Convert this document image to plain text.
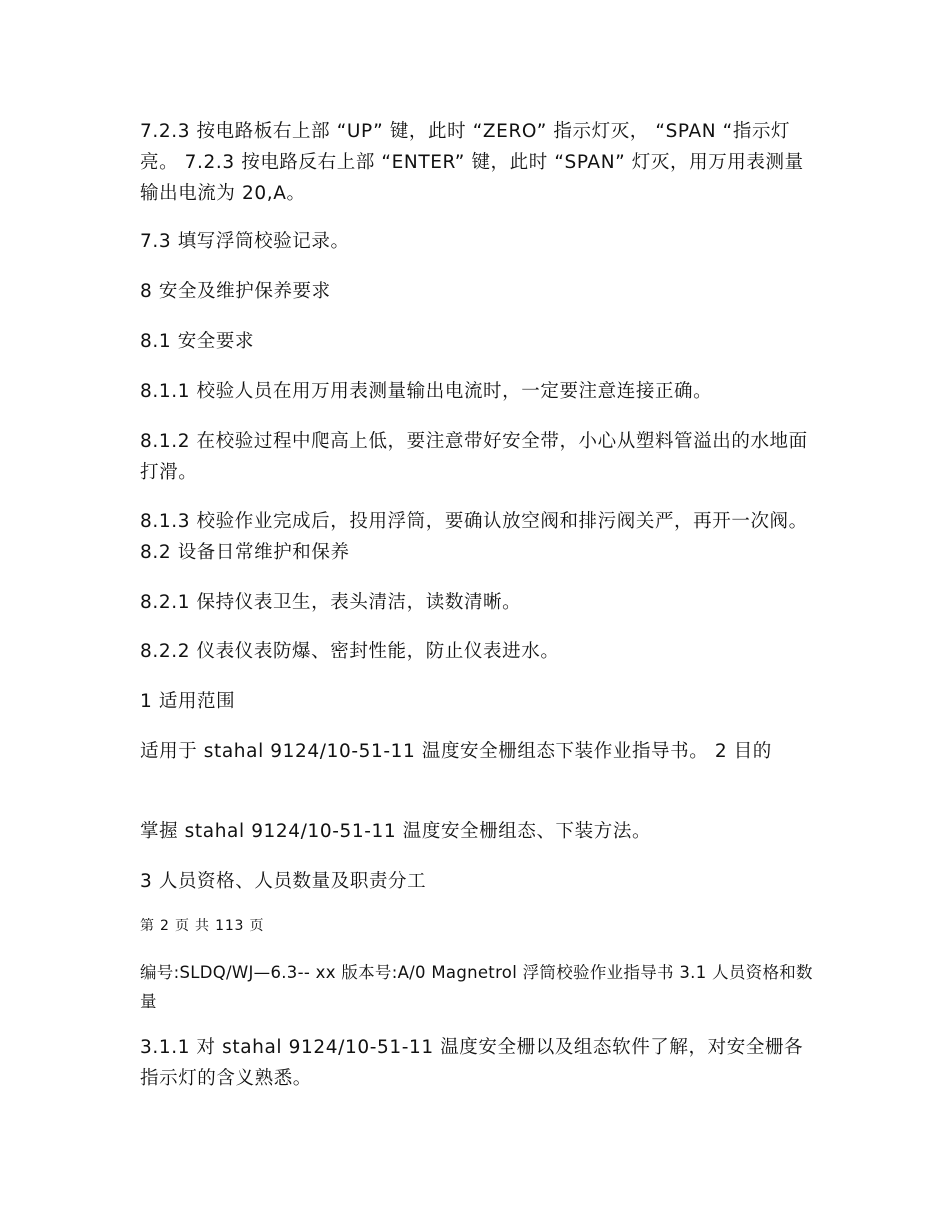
7.2.3 按电路板右上部 “UP” 键，此时 “ZERO” 指示灯灭， “SPAN “指示灯亮。 7.2.3 按电路反右上部 “ENTER” 键，此时 “SPAN” 灯灭，用万用表测量输出电流为 20,A。

7.3 填写浮筒校验记录。

8 安全及维护保养要求

8.1 安全要求

8.1.1 校验人员在用万用表测量输出电流时，一定要注意连接正确。

8.1.2 在校验过程中爬高上低，要注意带好安全带，小心从塑料管溢出的水地面打滑。

8.1.3 校验作业完成后，投用浮筒，要确认放空阀和排污阀关严，再开一次阀。 8.2 设备日常维护和保养

8.2.1 保持仪表卫生，表头清洁，读数清晰。

8.2.2 仪表仪表防爆、密封性能，防止仪表进水。

1 适用范围

适用于 stahal 9124/10-51-11 温度安全栅组态下装作业指导书。 2 目的

掌握 stahal 9124/10-51-11 温度安全栅组态、下装方法。

3 人员资格、人员数量及职责分工

第 2 页 共 113 页

编号:SLDQ/WJ—6.3-- xx 版本号:A/0 Magnetrol 浮筒校验作业指导书 3.1 人员资格和数量

3.1.1 对 stahal 9124/10-51-11 温度安全栅以及组态软件了解，对安全栅各指示灯的含义熟悉。
